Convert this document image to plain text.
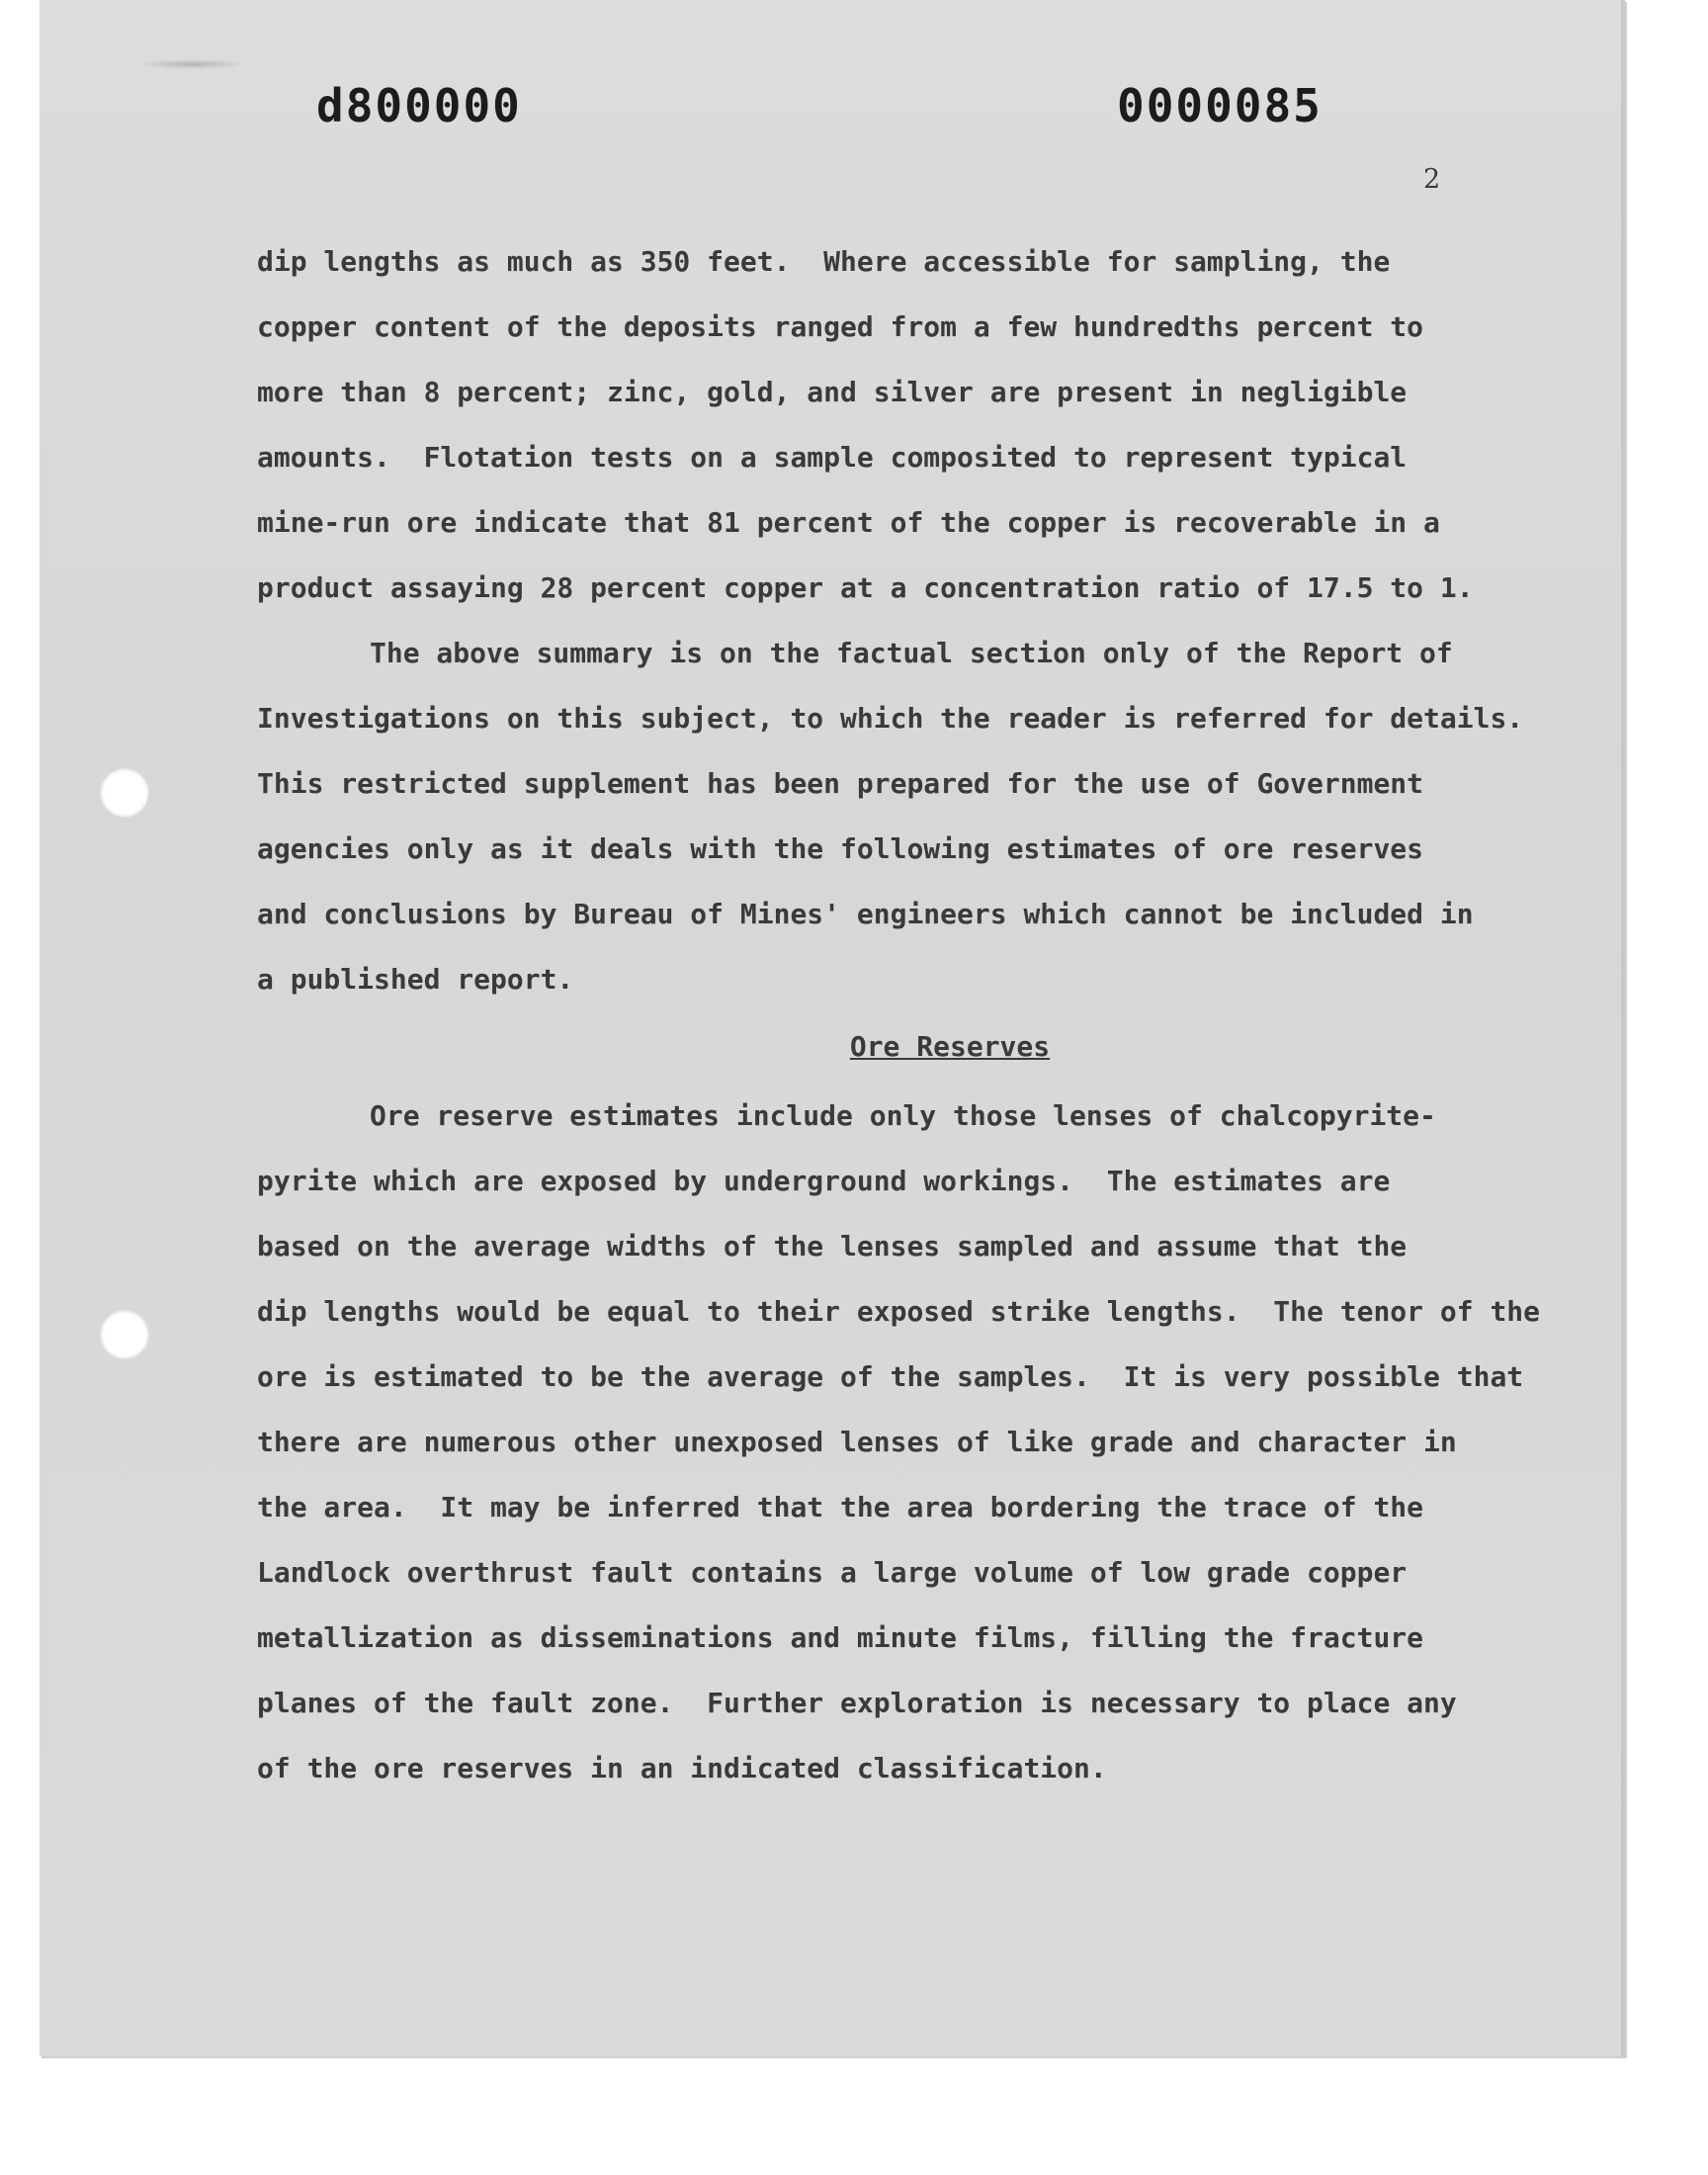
d800000	0000085
2
dip lengths as much as 350 feet.  Where accessible for sampling, the
copper content of the deposits ranged from a few hundredths percent to
more than 8 percent; zinc, gold, and silver are present in negligible
amounts.  Flotation tests on a sample composited to represent typical
mine-run ore indicate that 81 percent of the copper is recoverable in a
product assaying 28 percent copper at a concentration ratio of 17.5 to 1.
The above summary is on the factual section only of the Report of
Investigations on this subject, to which the reader is referred for details.
This restricted supplement has been prepared for the use of Government
agencies only as it deals with the following estimates of ore reserves
and conclusions by Bureau of Mines' engineers which cannot be included in
a published report.
Ore Reserves
Ore reserve estimates include only those lenses of chalcopyrite-
pyrite which are exposed by underground workings.  The estimates are
based on the average widths of the lenses sampled and assume that the
dip lengths would be equal to their exposed strike lengths.  The tenor of the
ore is estimated to be the average of the samples.  It is very possible that
there are numerous other unexposed lenses of like grade and character in
the area.  It may be inferred that the area bordering the trace of the
Landlock overthrust fault contains a large volume of low grade copper
metallization as disseminations and minute films, filling the fracture
planes of the fault zone.  Further exploration is necessary to place any
of the ore reserves in an indicated classification.
